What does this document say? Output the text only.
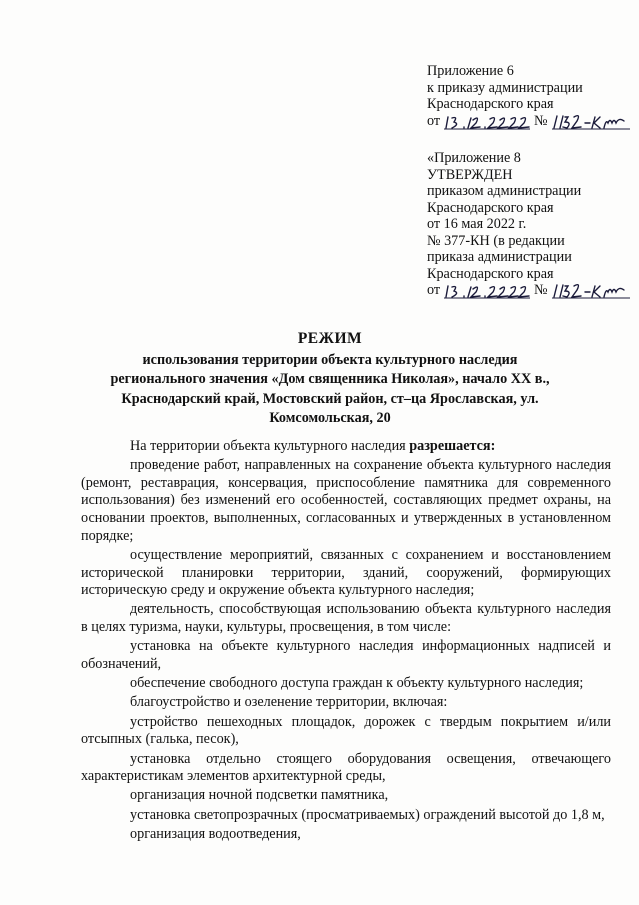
Приложение 6
к приказу администрации
Краснодарского края
от	№
«Приложение 8
УТВЕРЖДЕН
приказом администрации
Краснодарского края
от 16 мая 2022 г.
№ 377-КН (в редакции
приказа администрации
Краснодарского края
от	№
РЕЖИМ
использования территории объекта культурного наследия
регионального значения «Дом священника Николая», начало XX в.,
Краснодарский край, Мостовский район, ст–ца Ярославская, ул.
Комсомольская, 20

На территории объекта культурного наследия разрешается:

проведение работ, направленных на сохранение объекта культурного наследия (ремонт, реставрация, консервация, приспособление памятника для современного использования) без изменений его особенностей, составляющих предмет охраны, на основании проектов, выполненных, согласованных и утвержденных в установленном порядке;

осуществление мероприятий, связанных с сохранением и восстановлением исторической планировки территории, зданий, сооружений, формирующих историческую среду и окружение объекта культурного наследия;

деятельность, способствующая использованию объекта культурного наследия в целях туризма, науки, культуры, просвещения, в том числе:

установка на объекте культурного наследия информационных надписей и обозначений,

обеспечение свободного доступа граждан к объекту культурного наследия;

благоустройство и озеленение территории, включая:

устройство пешеходных площадок, дорожек с твердым покрытием и/или отсыпных (галька, песок),

установка отдельно стоящего оборудования освещения, отвечающего характеристикам элементов архитектурной среды,

организация ночной подсветки памятника,

установка светопрозрачных (просматриваемых) ограждений высотой до 1,8 м,

организация водоотведения,
